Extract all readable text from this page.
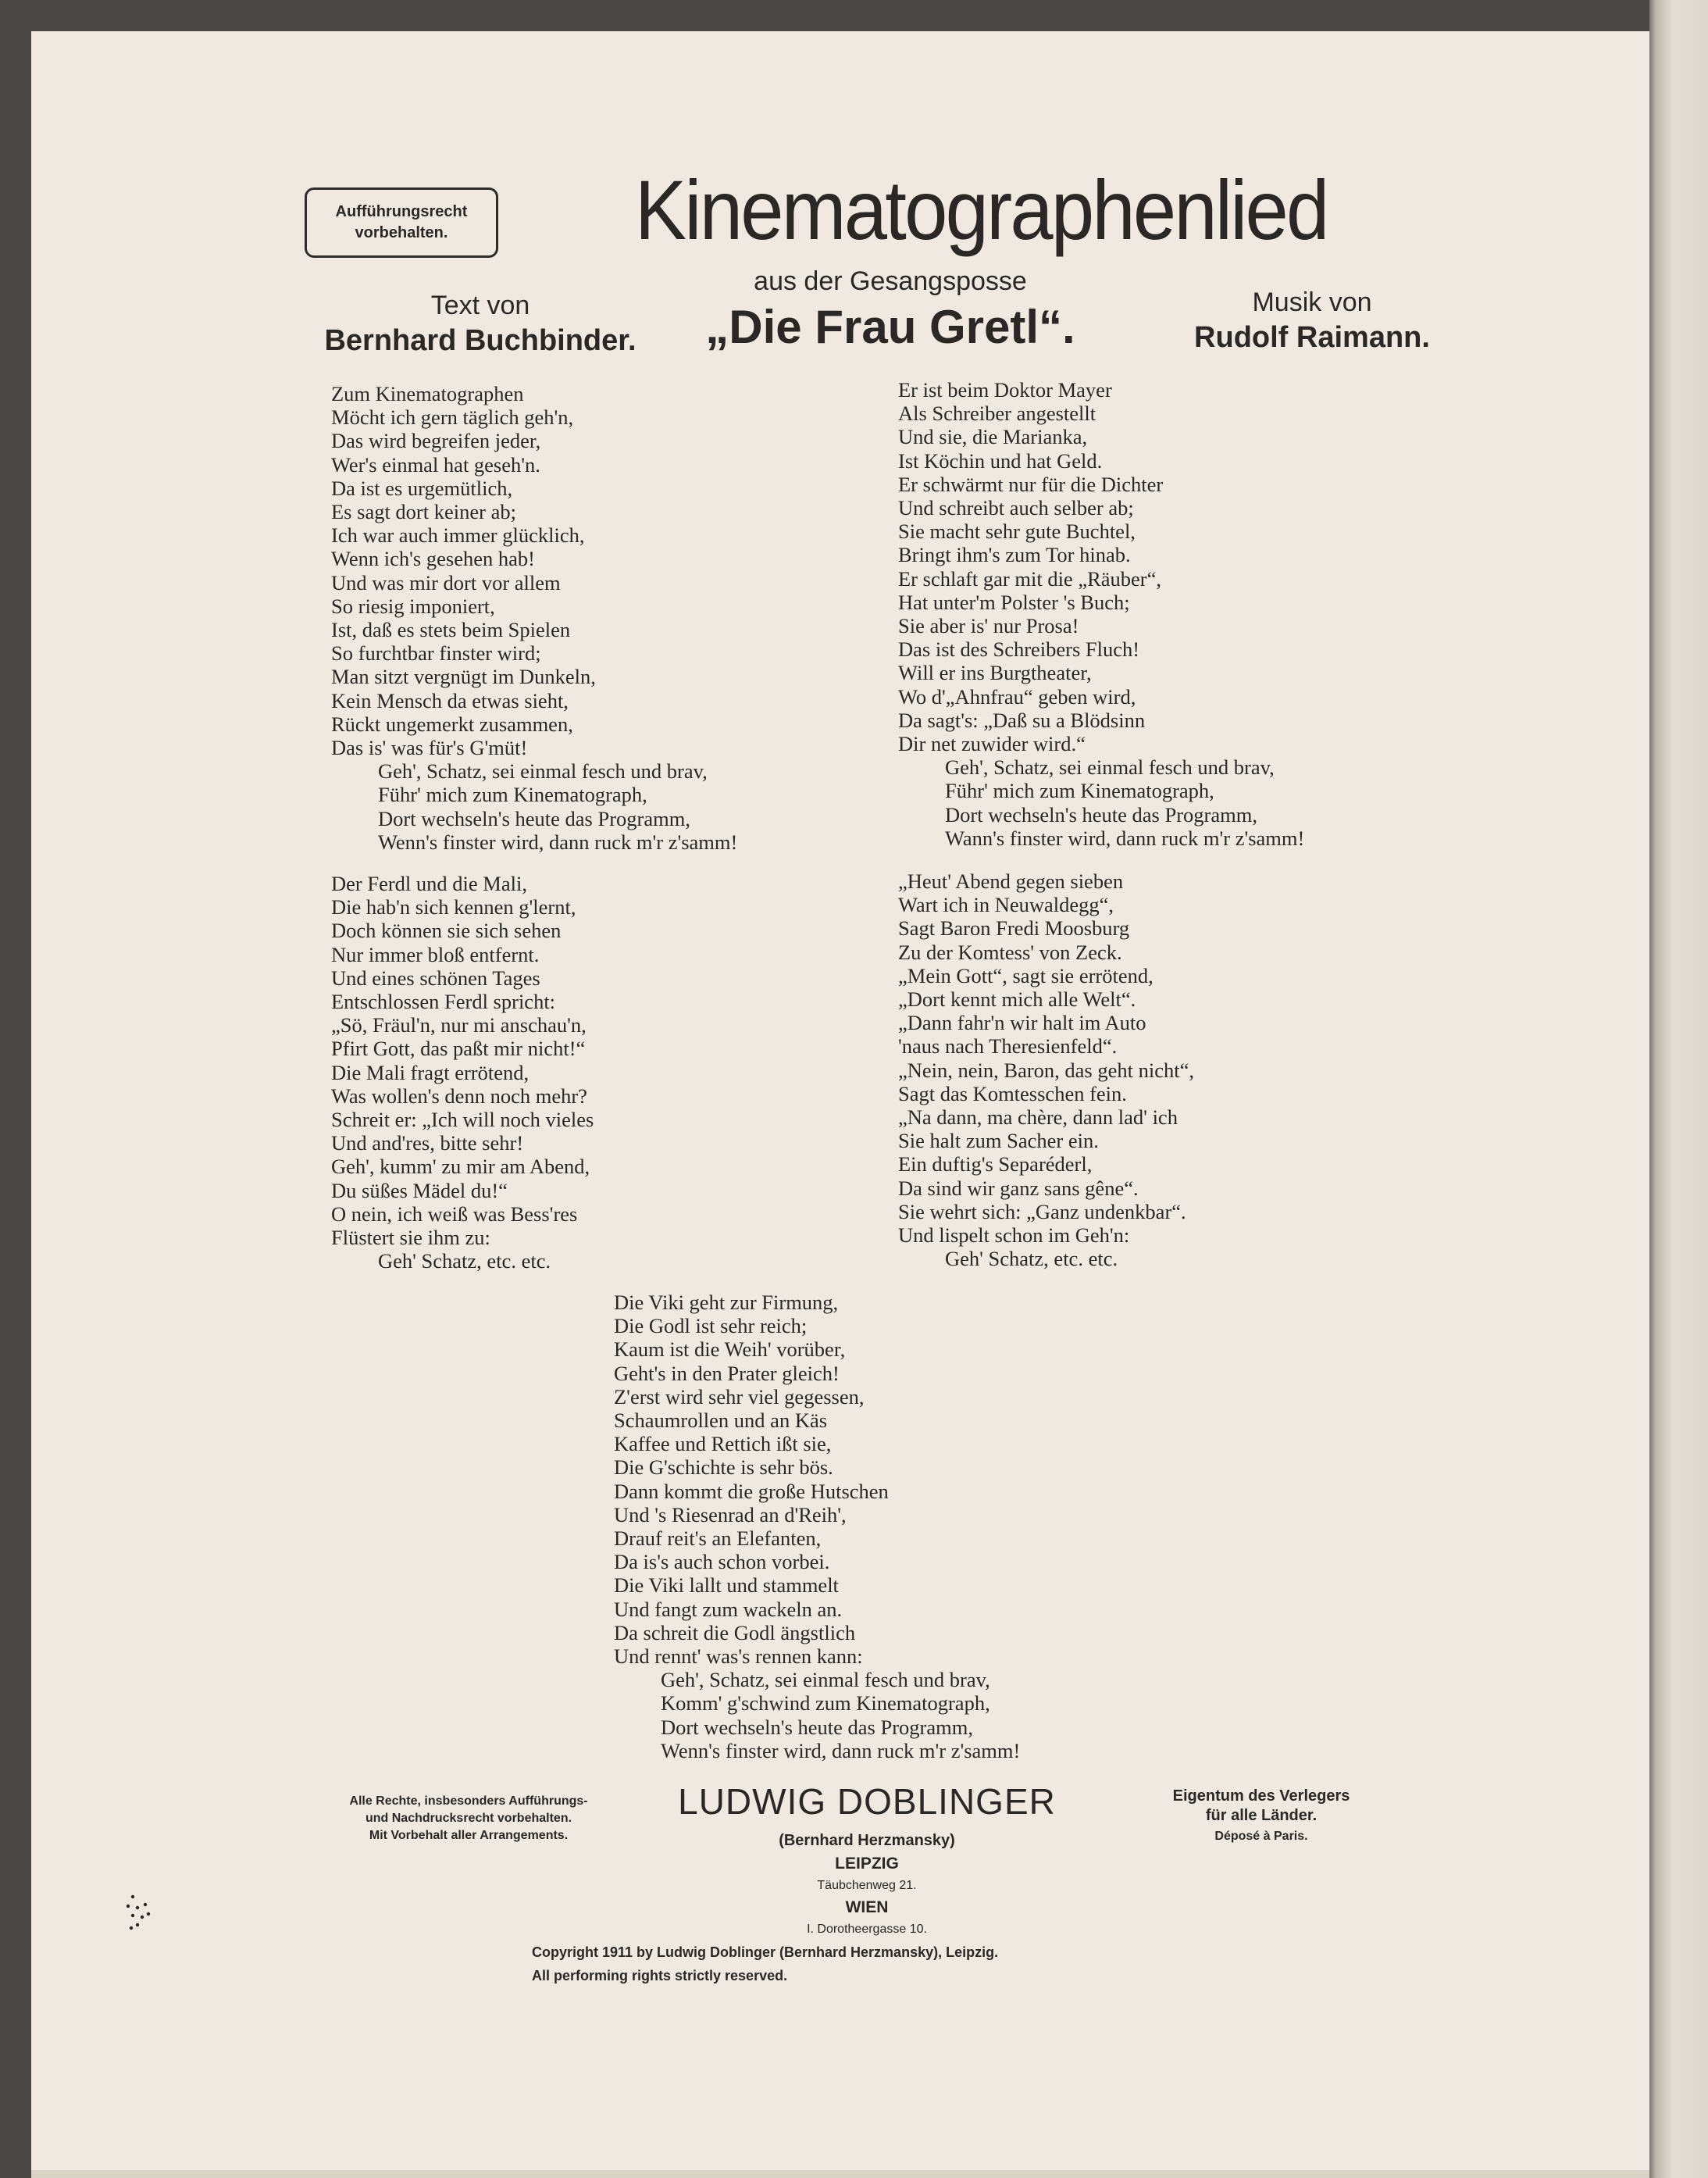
Aufführungsrecht
vorbehalten.	Kinematographenlied
aus der Gesangsposse
„Die Frau Gretl“.
Text von
Bernhard Buchbinder.
Musik von
Rudolf Raimann.
Zum Kinematographen
Möcht ich gern täglich geh'n,
Das wird begreifen jeder,
Wer's einmal hat geseh'n.
Da ist es urgemütlich,
Es sagt dort keiner ab;
Ich war auch immer glücklich,
Wenn ich's gesehen hab!
Und was mir dort vor allem
So riesig imponiert,
Ist, daß es stets beim Spielen
So furchtbar finster wird;
Man sitzt vergnügt im Dunkeln,
Kein Mensch da etwas sieht,
Rückt ungemerkt zusammen,
Das is' was für's G'müt!
Geh', Schatz, sei einmal fesch und brav,
Führ' mich zum Kinematograph,
Dort wechseln's heute das Programm,
Wenn's finster wird, dann ruck m'r z'samm!
Er ist beim Doktor Mayer
Als Schreiber angestellt
Und sie, die Marianka,
Ist Köchin und hat Geld.
Er schwärmt nur für die Dichter
Und schreibt auch selber ab;
Sie macht sehr gute Buchtel,
Bringt ihm's zum Tor hinab.
Er schlaft gar mit die „Räuber“,
Hat unter'm Polster 's Buch;
Sie aber is' nur Prosa!
Das ist des Schreibers Fluch!
Will er ins Burgtheater,
Wo d'„Ahnfrau“ geben wird,
Da sagt's: „Daß su a Blödsinn
Dir net zuwider wird.“
Geh', Schatz, sei einmal fesch und brav,
Führ' mich zum Kinematograph,
Dort wechseln's heute das Programm,
Wann's finster wird, dann ruck m'r z'samm!
Der Ferdl und die Mali,
Die hab'n sich kennen g'lernt,
Doch können sie sich sehen
Nur immer bloß entfernt.
Und eines schönen Tages
Entschlossen Ferdl spricht:
„Sö, Fräul'n, nur mi anschau'n,
Pfirt Gott, das paßt mir nicht!“
Die Mali fragt errötend,
Was wollen's denn noch mehr?
Schreit er: „Ich will noch vieles
Und and'res, bitte sehr!
Geh', kumm' zu mir am Abend,
Du süßes Mädel du!“
O nein, ich weiß was Bess'res
Flüstert sie ihm zu:
Geh' Schatz, etc. etc.
„Heut' Abend gegen sieben
Wart ich in Neuwaldegg“,
Sagt Baron Fredi Moosburg
Zu der Komtess' von Zeck.
„Mein Gott“, sagt sie errötend,
„Dort kennt mich alle Welt“.
„Dann fahr'n wir halt im Auto
'naus nach Theresienfeld“.
„Nein, nein, Baron, das geht nicht“,
Sagt das Komtesschen fein.
„Na dann, ma chère, dann lad' ich
Sie halt zum Sacher ein.
Ein duftig's Separéderl,
Da sind wir ganz sans gêne“.
Sie wehrt sich: „Ganz undenkbar“.
Und lispelt schon im Geh'n:
Geh' Schatz, etc. etc.
Die Viki geht zur Firmung,
Die Godl ist sehr reich;
Kaum ist die Weih' vorüber,
Geht's in den Prater gleich!
Z'erst wird sehr viel gegessen,
Schaumrollen und an Käs
Kaffee und Rettich ißt sie,
Die G'schichte is sehr bös.
Dann kommt die große Hutschen
Und 's Riesenrad an d'Reih',
Drauf reit's an Elefanten,
Da is's auch schon vorbei.
Die Viki lallt und stammelt
Und fangt zum wackeln an.
Da schreit die Godl ängstlich
Und rennt' was's rennen kann:
Geh', Schatz, sei einmal fesch und brav,
Komm' g'schwind zum Kinematograph,
Dort wechseln's heute das Programm,
Wenn's finster wird, dann ruck m'r z'samm!
Alle Rechte, insbesonders Aufführungs-
und Nachdrucksrecht vorbehalten.
Mit Vorbehalt aller Arrangements.
LUDWIG DOBLINGER
(Bernhard Herzmansky)
LEIPZIG
Täubchenweg 21.
WIEN
I. Dorotheergasse 10.
Eigentum des Verlegers
für alle Länder.
Déposé à Paris.
Copyright 1911 by Ludwig Doblinger (Bernhard Herzmansky), Leipzig.
All performing rights strictly reserved.
